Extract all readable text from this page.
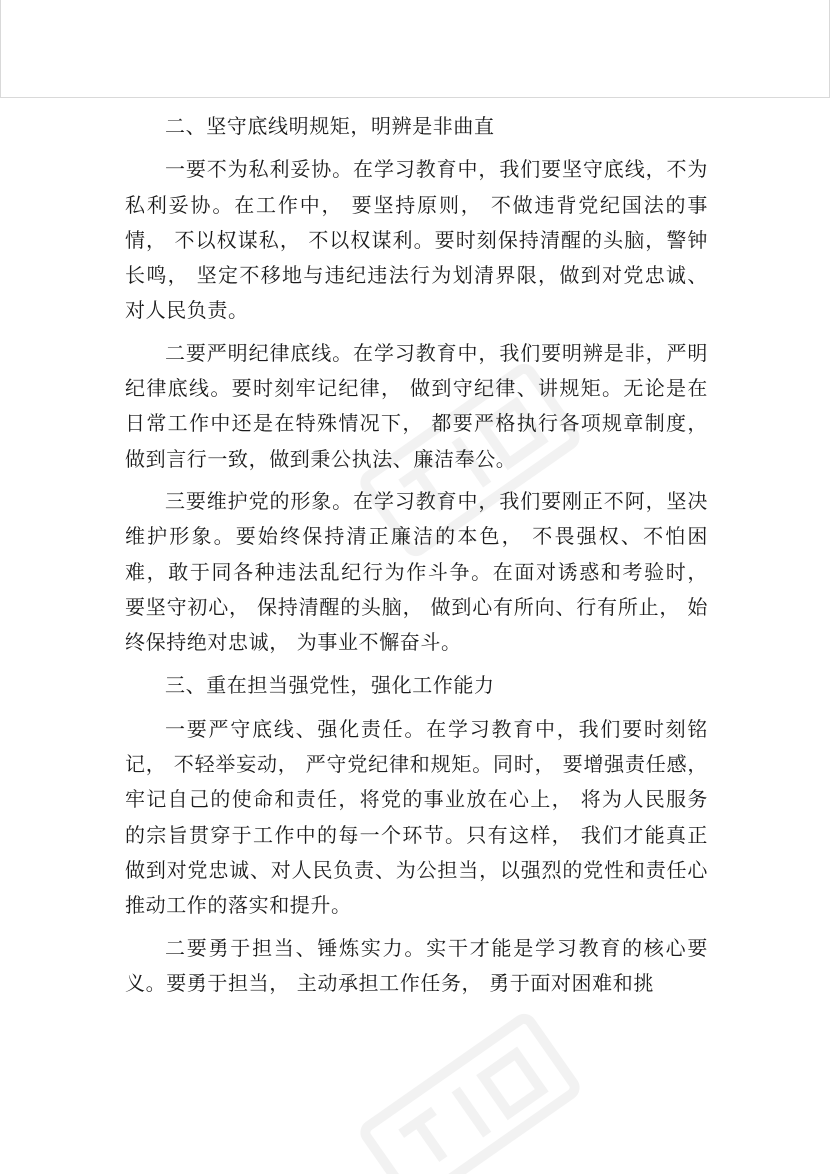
二、坚守底线明规矩，明辨是非曲直

一要不为私利妥协。在学习教育中，我们要坚守底线，不为私利妥协。在工作中， 要坚持原则， 不做违背党纪国法的事情， 不以权谋私， 不以权谋利。要时刻保持清醒的头脑，警钟长鸣， 坚定不移地与违纪违法行为划清界限，做到对党忠诚、 对人民负责。

二要严明纪律底线。在学习教育中，我们要明辨是非，严明纪律底线。要时刻牢记纪律， 做到守纪律、讲规矩。无论是在日常工作中还是在特殊情况下， 都要严格执行各项规章制度，做到言行一致，做到秉公执法、廉洁奉公。

三要维护党的形象。在学习教育中，我们要刚正不阿，坚决维护形象。要始终保持清正廉洁的本色， 不畏强权、不怕困难，敢于同各种违法乱纪行为作斗争。在面对诱惑和考验时， 要坚守初心， 保持清醒的头脑， 做到心有所向、行有所止， 始终保持绝对忠诚， 为事业不懈奋斗。

三、重在担当强党性，强化工作能力

一要严守底线、强化责任。在学习教育中，我们要时刻铭记， 不轻举妄动， 严守党纪律和规矩。同时， 要增强责任感， 牢记自己的使命和责任，将党的事业放在心上， 将为人民服务的宗旨贯穿于工作中的每一个环节。只有这样， 我们才能真正做到对党忠诚、对人民负责、为公担当，以强烈的党性和责任心推动工作的落实和提升。

二要勇于担当、锤炼实力。实干才能是学习教育的核心要义。要勇于担当， 主动承担工作任务， 勇于面对困难和挑
